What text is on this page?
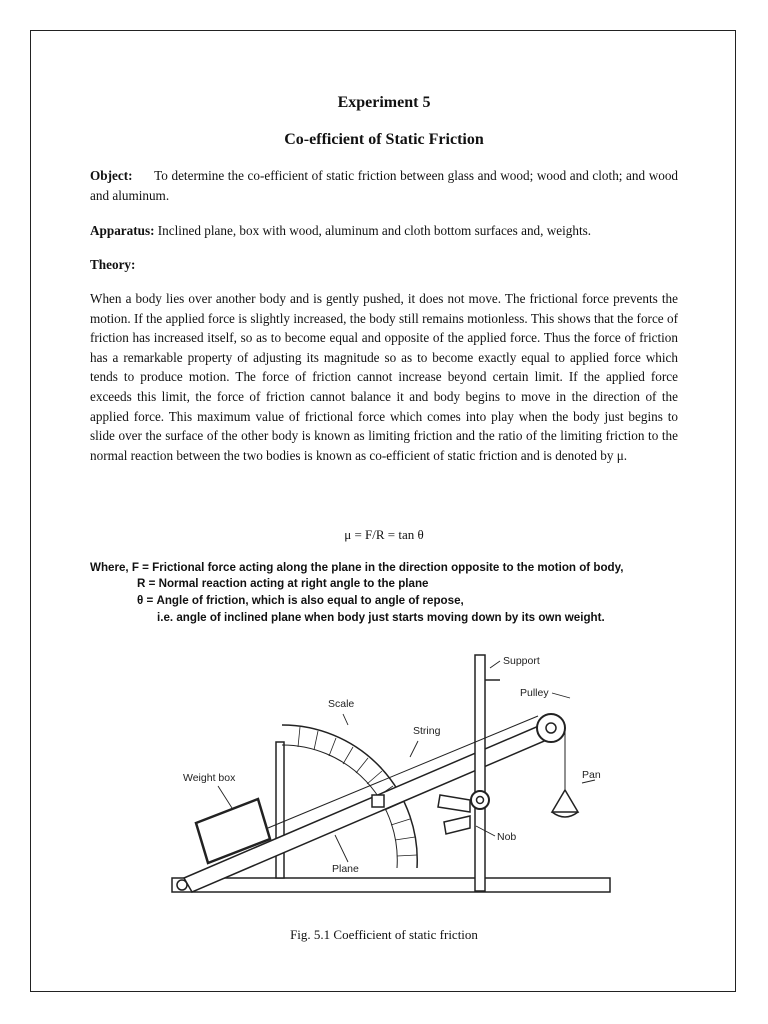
Experiment 5
Co-efficient of Static Friction
Object: To determine the co-efficient of static friction between glass and wood; wood and cloth; and wood and aluminum.
Apparatus: Inclined plane, box with wood, aluminum and cloth bottom surfaces and, weights.
Theory:
When a body lies over another body and is gently pushed, it does not move. The frictional force prevents the motion. If the applied force is slightly increased, the body still remains motionless. This shows that the force of friction has increased itself, so as to become equal and opposite of the applied force. Thus the force of friction has a remarkable property of adjusting its magnitude so as to become exactly equal to applied force which tends to produce motion. The force of friction cannot increase beyond certain limit. If the applied force exceeds this limit, the force of friction cannot balance it and body begins to move in the direction of the applied force. This maximum value of frictional force which comes into play when the body just begins to slide over the surface of the other body is known as limiting friction and the ratio of the limiting friction to the normal reaction between the two bodies is known as co-efficient of static friction and is denoted by μ.
μ = F/R = tan θ
Where, F = Frictional force acting along the plane in the direction opposite to the motion of body,
R = Normal reaction acting at right angle to the plane
θ = Angle of friction, which is also equal to angle of repose,
i.e. angle of inclined plane when body just starts moving down by its own weight.
Support
Pulley
Scale
String
Weight box	Pan
Nob
Plane
Fig. 5.1 Coefficient of static friction
